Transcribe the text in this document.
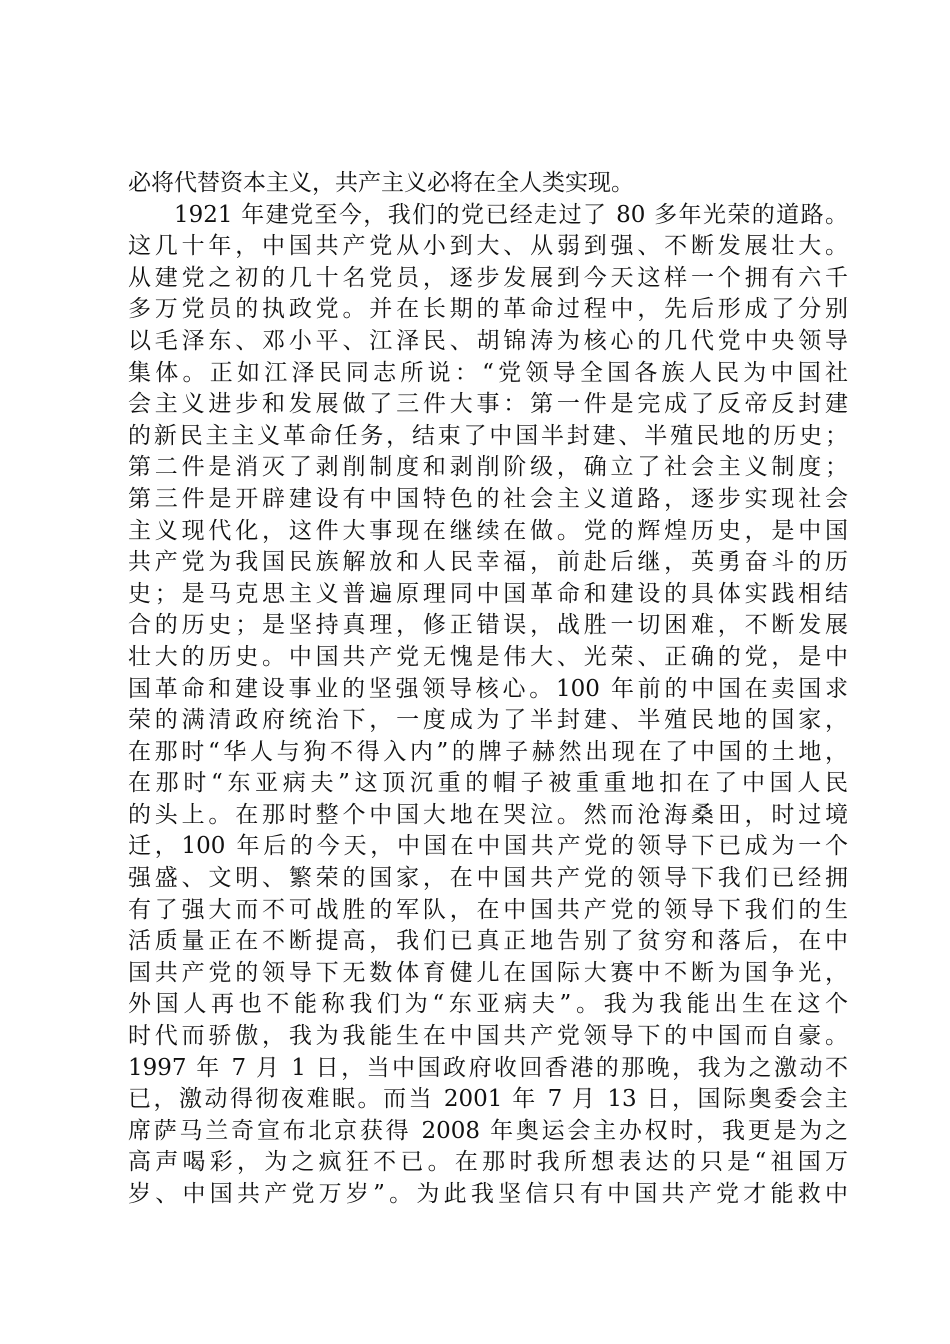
必将代替资本主义，共产主义必将在全人类实现。
1921 年建党至今，我们的党已经走过了 80 多年光荣的道路。
这几十年，中国共产党从小到大、从弱到强、不断发展壮大。
从建党之初的几十名党员，逐步发展到今天这样一个拥有六千
多万党员的执政党。并在长期的革命过程中，先后形成了分别
以毛泽东、邓小平、江泽民、胡锦涛为核心的几代党中央领导
集体。正如江泽民同志所说：“党领导全国各族人民为中国社
会主义进步和发展做了三件大事：第一件是完成了反帝反封建
的新民主主义革命任务，结束了中国半封建、半殖民地的历史；
第二件是消灭了剥削制度和剥削阶级，确立了社会主义制度；
第三件是开辟建设有中国特色的社会主义道路，逐步实现社会
主义现代化，这件大事现在继续在做。党的辉煌历史，是中国
共产党为我国民族解放和人民幸福，前赴后继，英勇奋斗的历
史；是马克思主义普遍原理同中国革命和建设的具体实践相结
合的历史；是坚持真理，修正错误，战胜一切困难，不断发展
壮大的历史。中国共产党无愧是伟大、光荣、正确的党，是中
国革命和建设事业的坚强领导核心。100 年前的中国在卖国求
荣的满清政府统治下，一度成为了半封建、半殖民地的国家，
在那时“华人与狗不得入内”的牌子赫然出现在了中国的土地，
在那时“东亚病夫”这顶沉重的帽子被重重地扣在了中国人民
的头上。在那时整个中国大地在哭泣。然而沧海桑田，时过境
迁，100 年后的今天，中国在中国共产党的领导下已成为一个
强盛、文明、繁荣的国家，在中国共产党的领导下我们已经拥
有了强大而不可战胜的军队，在中国共产党的领导下我们的生
活质量正在不断提高，我们已真正地告别了贫穷和落后，在中
国共产党的领导下无数体育健儿在国际大赛中不断为国争光，
外国人再也不能称我们为“东亚病夫”。我为我能出生在这个
时代而骄傲，我为我能生在中国共产党领导下的中国而自豪。
1997 年 7 月 1 日，当中国政府收回香港的那晚，我为之激动不
已，激动得彻夜难眠。而当 2001 年 7 月 13 日，国际奥委会主
席萨马兰奇宣布北京获得 2008 年奥运会主办权时，我更是为之
高声喝彩，为之疯狂不已。在那时我所想表达的只是“祖国万
岁、中国共产党万岁”。为此我坚信只有中国共产党才能救中
